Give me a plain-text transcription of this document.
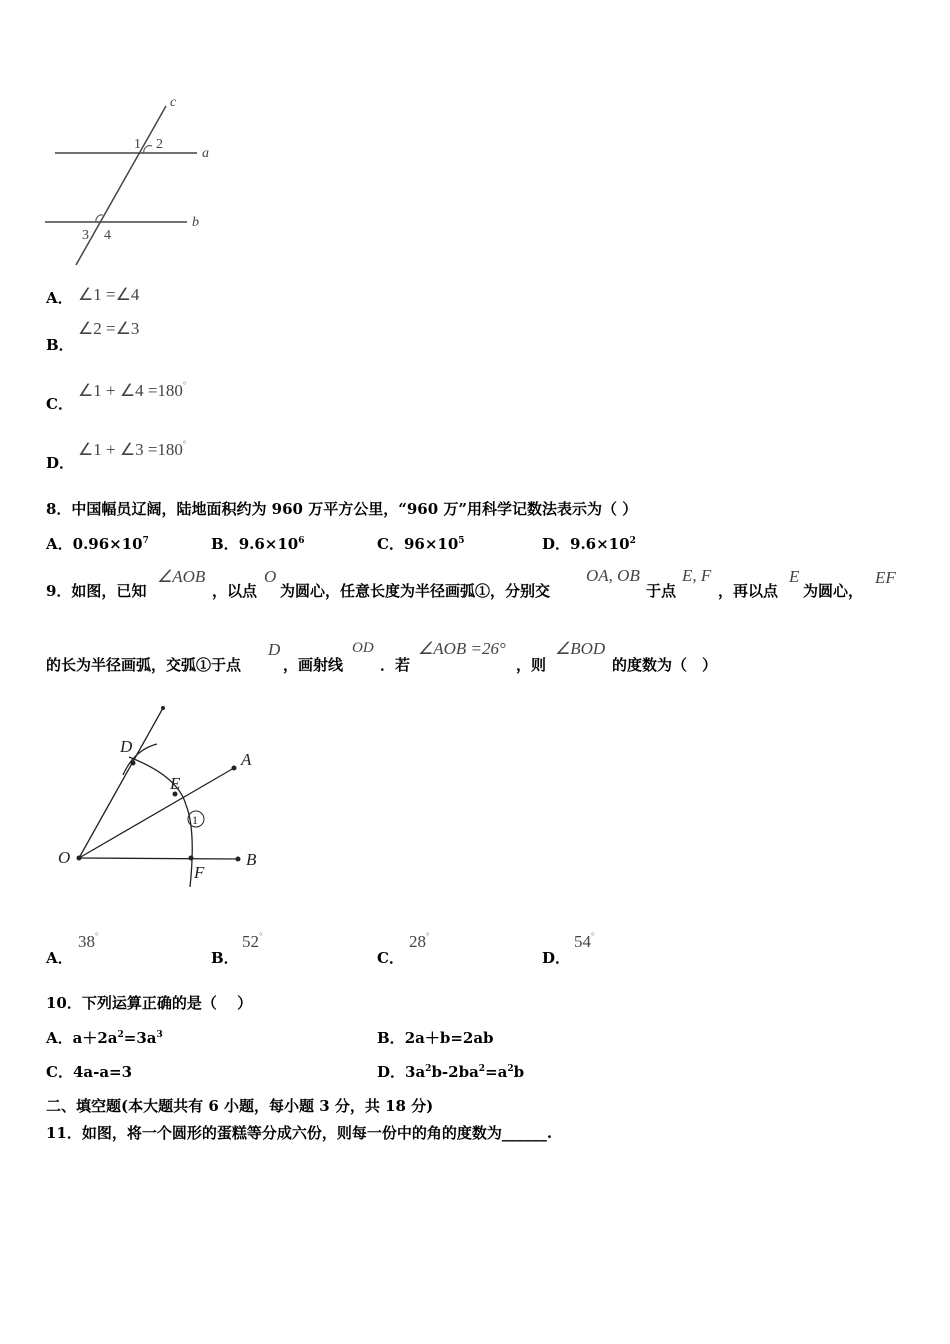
c
a
b
1 2
3 4
A． ∠1 =∠4
B．
∠2 =∠3
C．
∠1 + ∠4 =180°
D．
∠1 + ∠3 =180°
8．中国幅员辽阔，陆地面积约为 960 万平方公里，“960 万”用科学记数法表示为（ ）
A．$0.96\times 10^7$	B．$9.6\times 10^6$	C．$96\times 10^5$	D．$9.6\times 10^2$
9．如图，已知
∠AOB
，以点
O
为圆心，任意长度为半径画弧①，分别交
OA, OB
于点
E, F
，再以点
E
为圆心，
EF
的长为半径画弧，交弧①于点
D
，画射线
OD
．若
∠AOB =26°
，则
∠BOD
的度数为（　）
1
O
A
B
D
E
F
A．
38°
B．
52°
C．
28°
D．
54°
10．下列运算正确的是（　 ）
A．$a+2a^2=3a^3$	B．2a＋b=2ab
C．4a-a=3	D．$3a^2b-2ba^2=a^2b$
二、填空题(本大题共有 6 小题，每小题 3 分，共 18 分)
11．如图，将一个圆形的蛋糕等分成六份，则每一份中的角的度数为______.
